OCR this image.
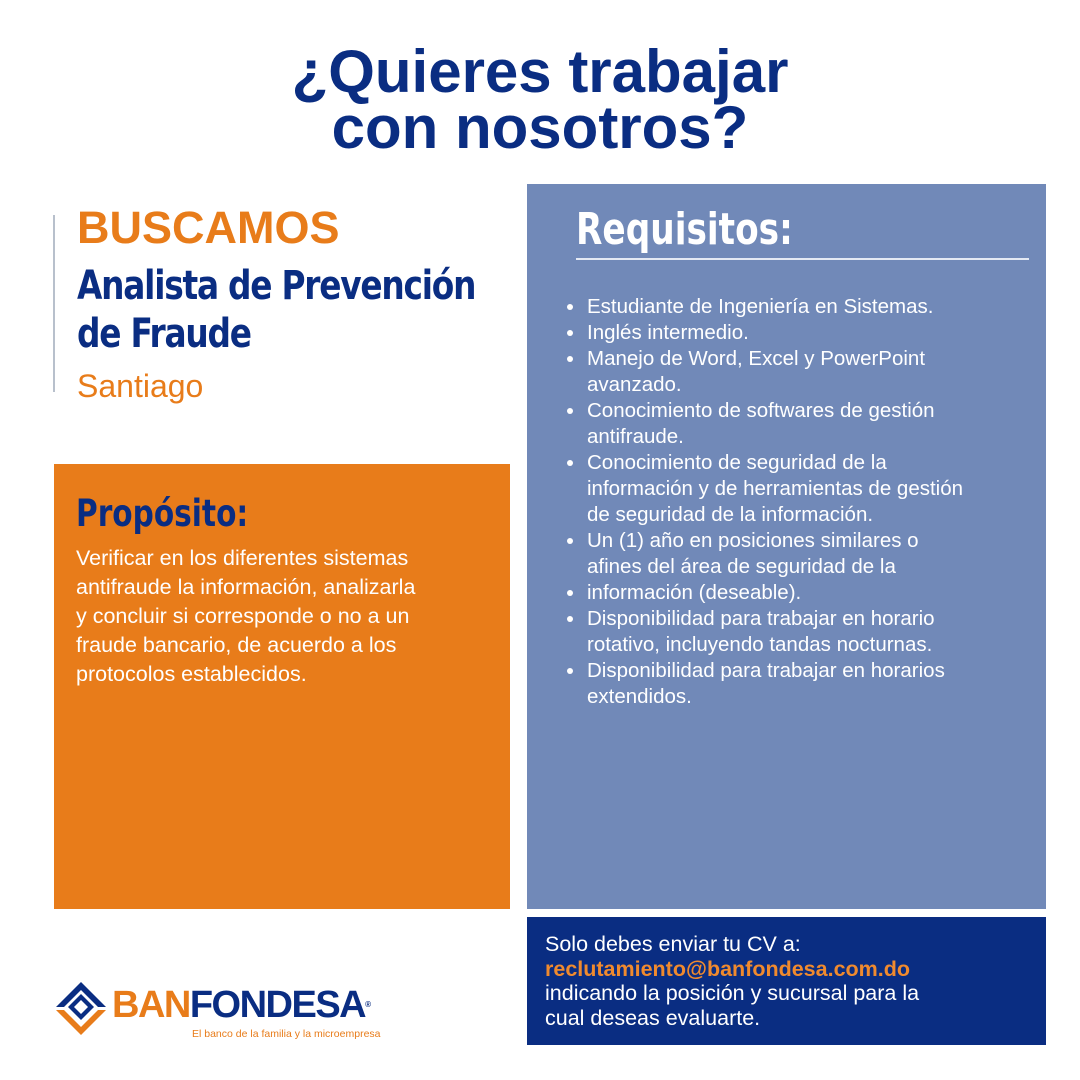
¿Quieres trabajar
con nosotros?
BUSCAMOS
Analista de Prevención
de Fraude
Santiago
Propósito:
Verificar en los diferentes sistemas
antifraude la información, analizarla
y concluir si corresponde o no a un
fraude bancario, de acuerdo a los
protocolos establecidos.
Requisitos:
Estudiante de Ingeniería en Sistemas.
Inglés intermedio.
Manejo de Word, Excel y PowerPoint
avanzado.
Conocimiento de softwares de gestión
antifraude.
Conocimiento de seguridad de la
información y de herramientas de gestión
de seguridad de la información.
Un (1) año en posiciones similares o
afines del área de seguridad de la
información (deseable).
Disponibilidad para trabajar en horario
rotativo, incluyendo tandas nocturnas.
Disponibilidad para trabajar en horarios
extendidos.
Solo debes enviar tu CV a:
reclutamiento@banfondesa.com.do
indicando la posición y sucursal para la
cual deseas evaluarte.
BANFONDESA®
El banco de la familia y la microempresa
